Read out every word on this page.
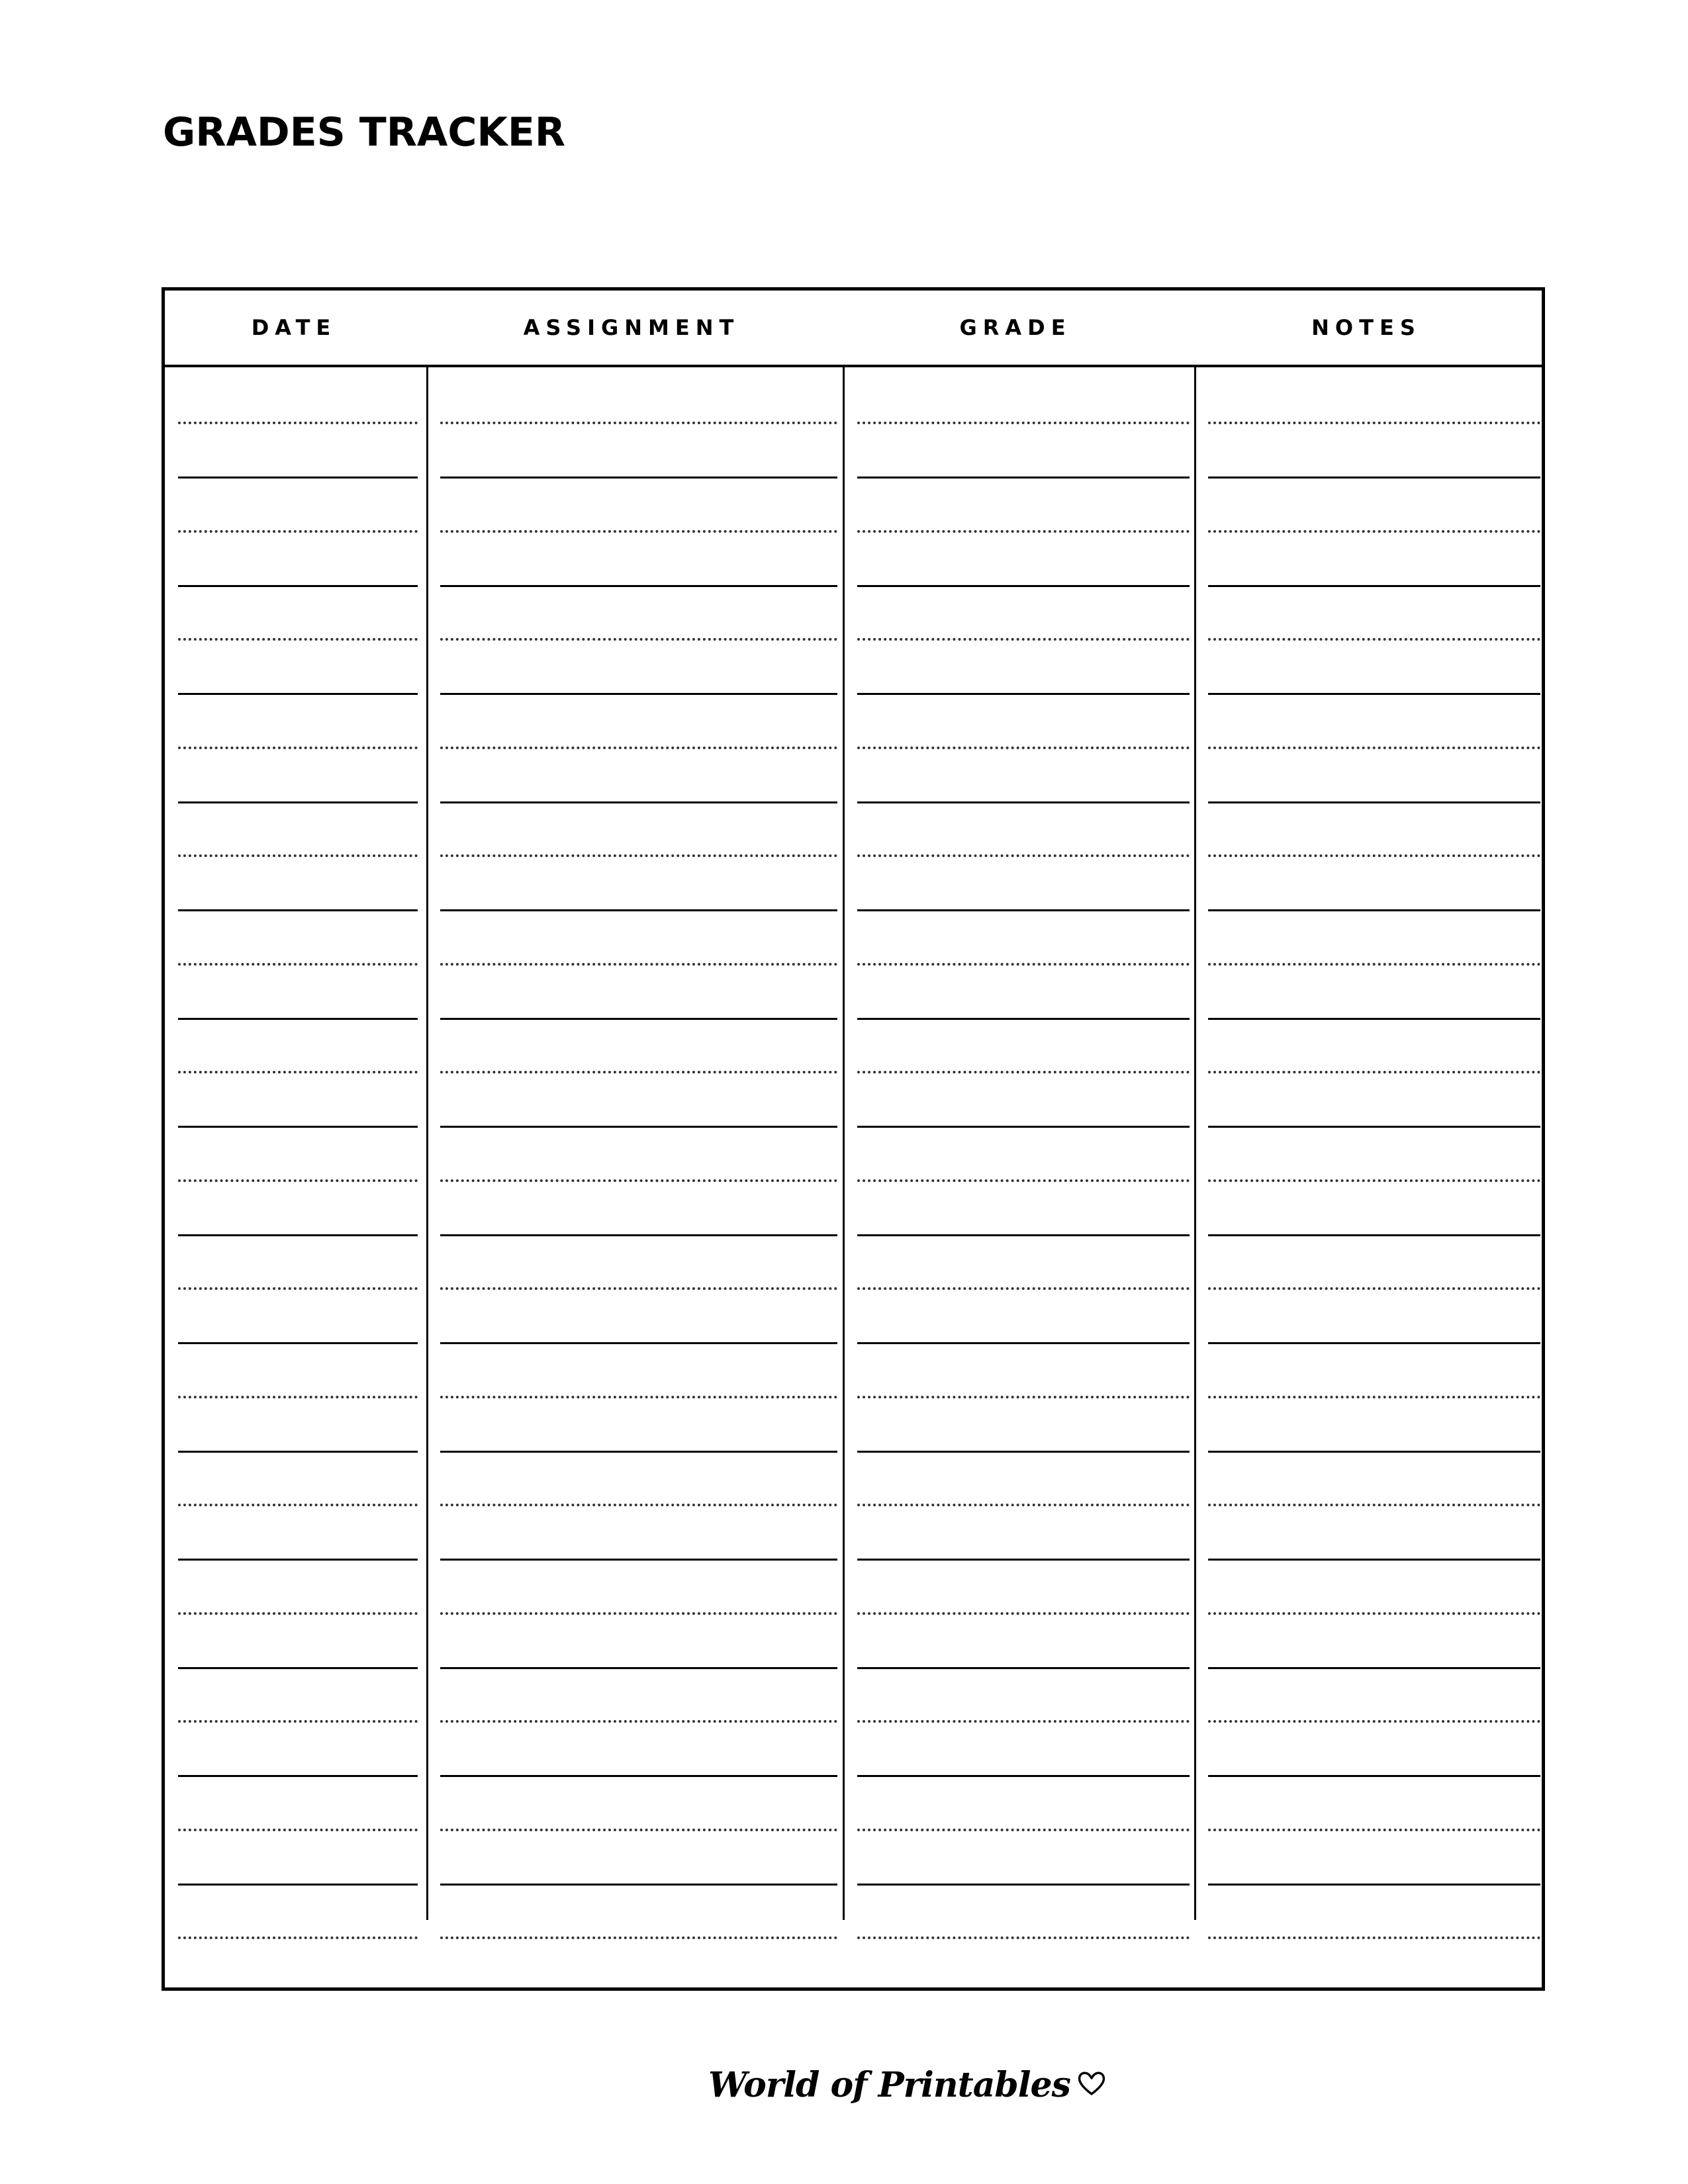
GRADES TRACKER
DATE	ASSIGNMENT	GRADE	NOTES
World of Printables
